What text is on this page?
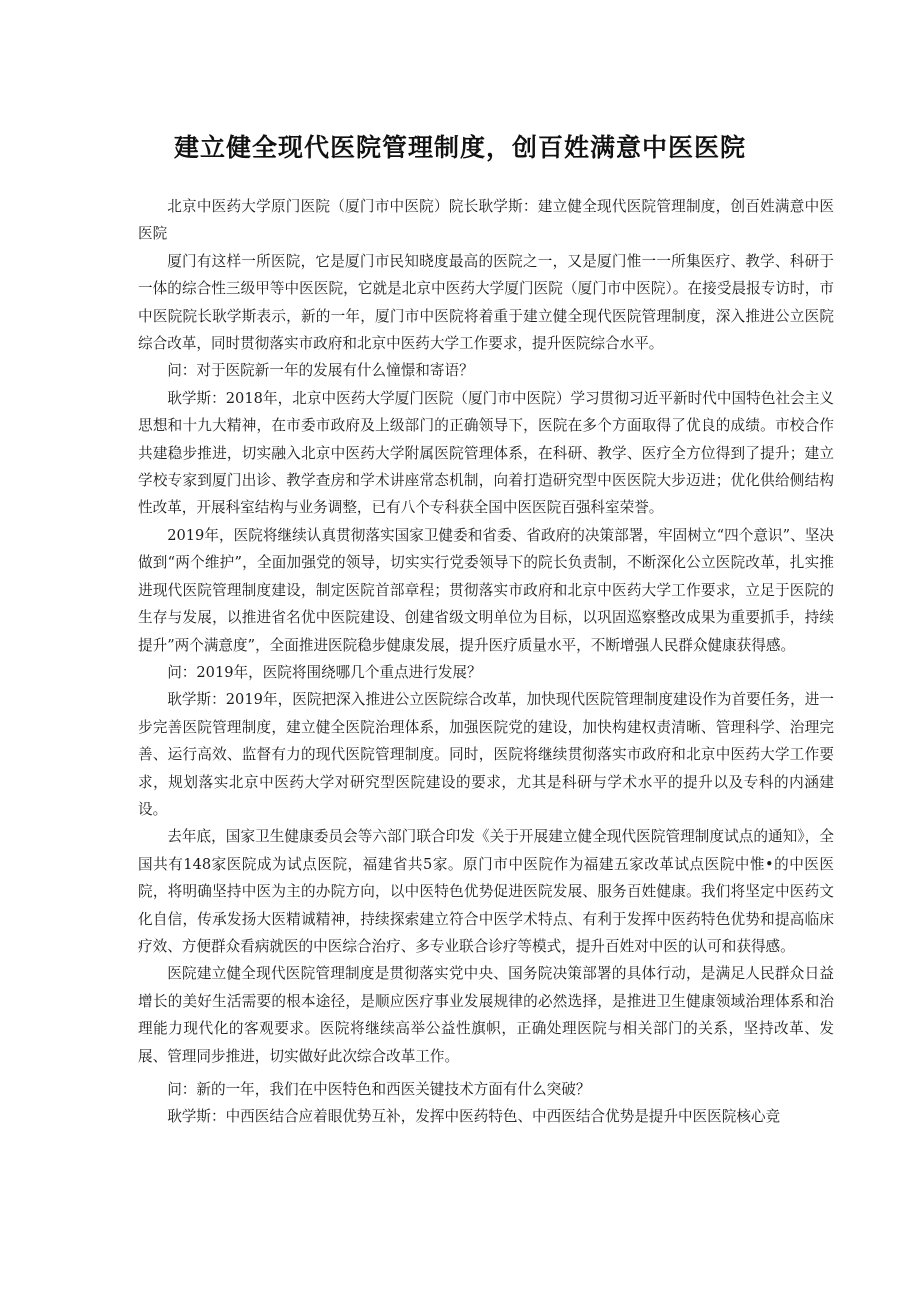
建立健全现代医院管理制度，创百姓满意中医医院

北京中医药大学原门医院（厦门市中医院）院长耿学斯：建立健全现代医院管理制度，创百姓满意中医医院

厦门有这样一所医院，它是厦门市民知晓度最高的医院之一，又是厦门惟一一所集医疗、教学、科研于一体的综合性三级甲等中医医院，它就是北京中医药大学厦门医院（厦门市中医院）。在接受晨报专访时，市中医院院长耿学斯表示，新的一年，厦门市中医院将着重于建立健全现代医院管理制度，深入推进公立医院综合改革，同时贯彻落实市政府和北京中医药大学工作要求，提升医院综合水平。

问：对于医院新一年的发展有什么憧憬和寄语？

耿学斯：2018年，北京中医药大学厦门医院（厦门市中医院）学习贯彻习近平新时代中国特色社会主义思想和十九大精神，在市委市政府及上级部门的正确领导下，医院在多个方面取得了优良的成绩。市校合作共建稳步推进，切实融入北京中医药大学附属医院管理体系，在科研、教学、医疗全方位得到了提升；建立学校专家到厦门出诊、教学查房和学术讲座常态机制，向着打造研究型中医医院大步迈进；优化供给侧结构性改革，开展科室结构与业务调整，已有八个专科获全国中医医院百强科室荣誉。

2019年，医院将继续认真贯彻落实国家卫健委和省委、省政府的决策部署，牢固树立“四个意识”、坚决做到“两个维护”，全面加强党的领导，切实实行党委领导下的院长负责制，不断深化公立医院改革，扎实推进现代医院管理制度建设，制定医院首部章程；贯彻落实市政府和北京中医药大学工作要求，立足于医院的生存与发展，以推进省名优中医院建设、创建省级文明单位为目标，以巩固巡察整改成果为重要抓手，持续提升”两个满意度”，全面推进医院稳步健康发展，提升医疗质量水平，不断增强人民群众健康获得感。

问：2019年，医院将围绕哪几个重点进行发展？

耿学斯：2019年，医院把深入推进公立医院综合改革，加快现代医院管理制度建设作为首要任务，进一步完善医院管理制度，建立健全医院治理体系，加强医院党的建设，加快构建权责清晰、管理科学、治理完善、运行高效、监督有力的现代医院管理制度。同时，医院将继续贯彻落实市政府和北京中医药大学工作要求，规划落实北京中医药大学对研究型医院建设的要求，尤其是科研与学术水平的提升以及专科的内涵建设。

去年底，国家卫生健康委员会等六部门联合印发《关于开展建立健全现代医院管理制度试点的通知》，全国共有148家医院成为试点医院，福建省共5家。原门市中医院作为福建五家改革试点医院中惟•的中医医院，将明确坚持中医为主的办院方向，以中医特色优势促进医院发展、服务百姓健康。我们将坚定中医药文化自信，传承发扬大医精诚精神，持续探索建立符合中医学术特点、有利于发挥中医药特色优势和提高临床疗效、方便群众看病就医的中医综合治疗、多专业联合诊疗等模式，提升百姓对中医的认可和获得感。

医院建立健全现代医院管理制度是贯彻落实党中央、国务院决策部署的具体行动，是满足人民群众日益增长的美好生活需要的根本途径，是顺应医疗事业发展规律的必然选择，是推进卫生健康领域治理体系和治理能力现代化的客观要求。医院将继续高举公益性旗帜，正确处理医院与相关部门的关系，坚持改革、发展、管理同步推进，切实做好此次综合改革工作。

问：新的一年，我们在中医特色和西医关键技术方面有什么突破？

耿学斯：中西医结合应着眼优势互补，发挥中医药特色、中西医结合优势是提升中医医院核心竞
